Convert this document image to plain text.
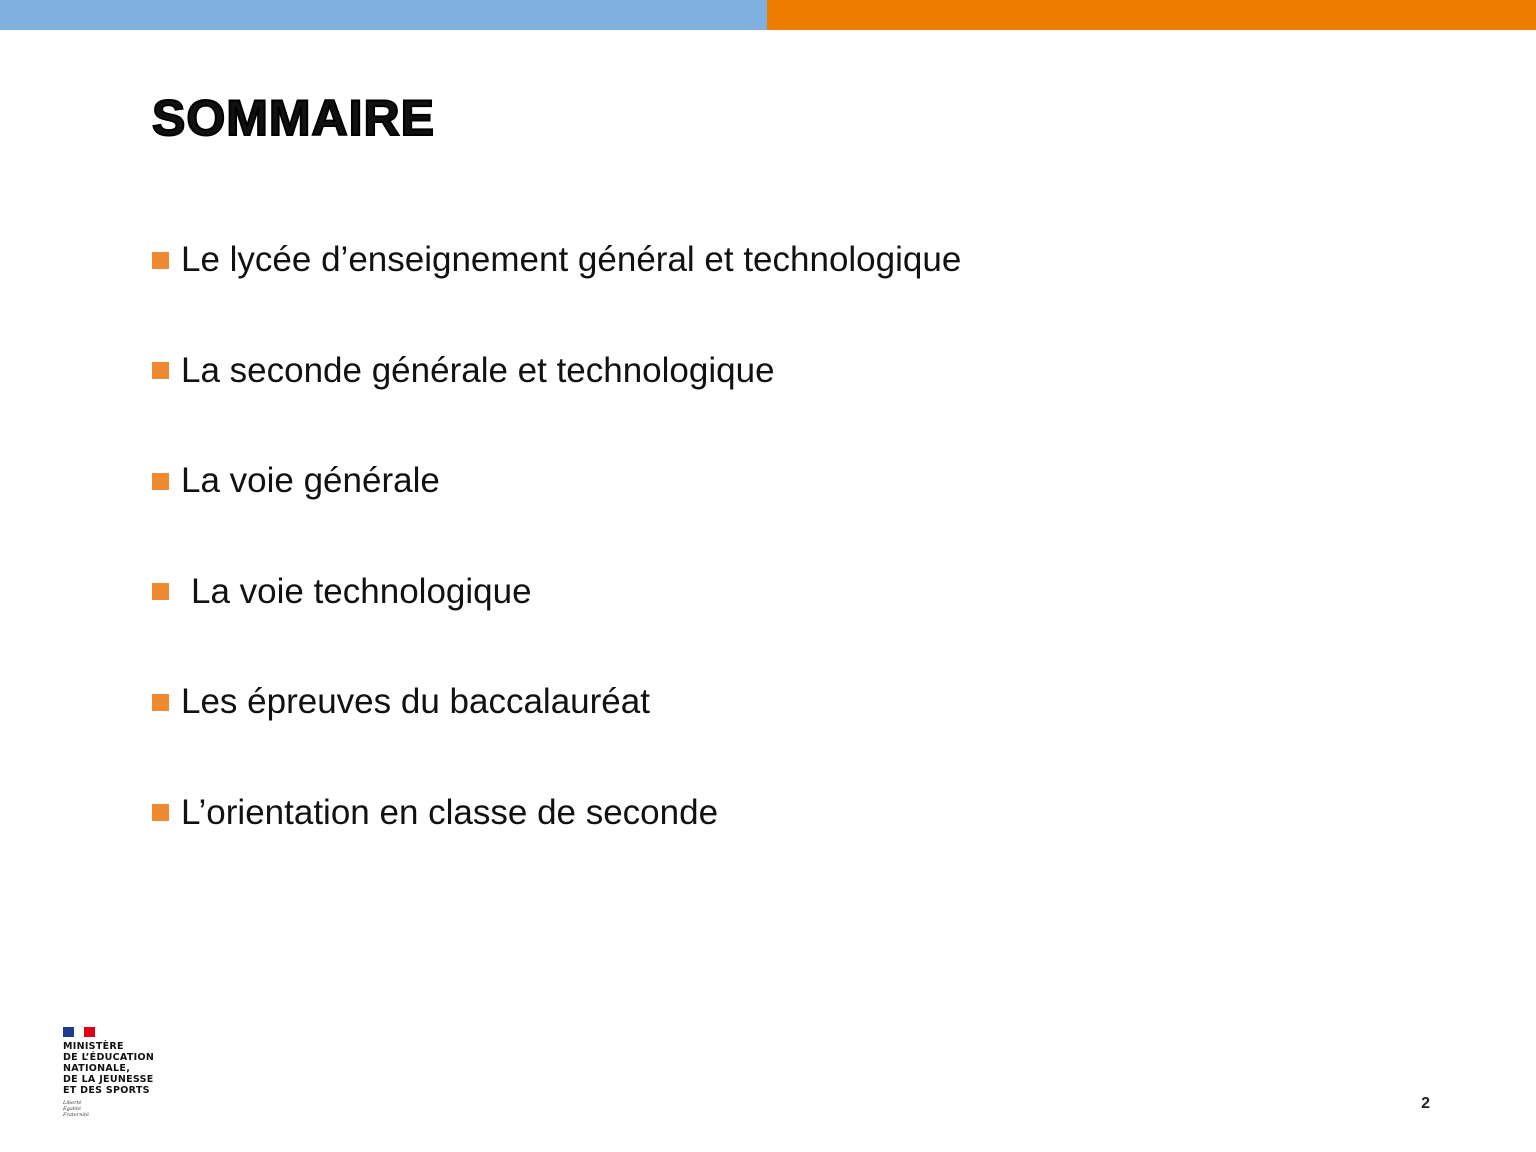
SOMMAIRE
Le lycée d’enseignement général et technologique
La seconde générale et technologique
La voie générale
La voie technologique
Les épreuves du baccalauréat
L’orientation en classe de seconde
MINISTÈRE
DE L’ÉDUCATION
NATIONALE,
DE LA JEUNESSE
ET DES SPORTS
Liberté
Égalité
Fraternité
2
